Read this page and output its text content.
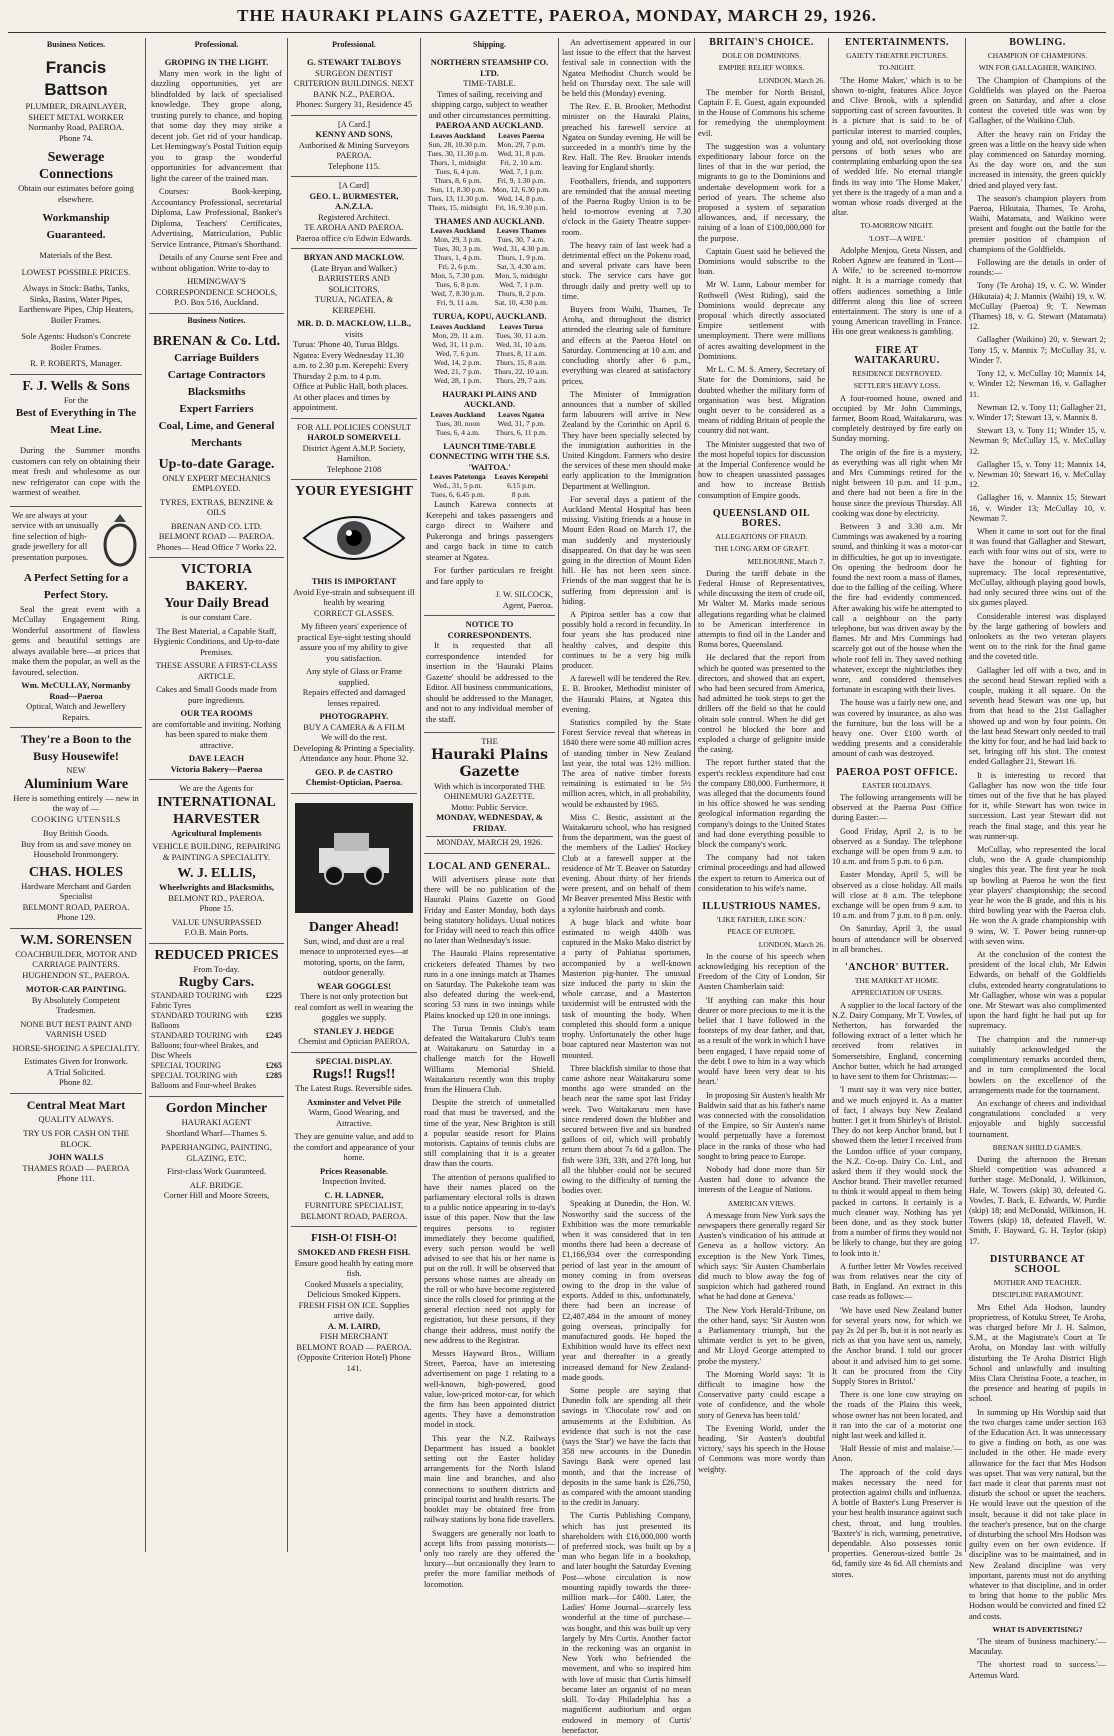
THE HAURAKI PLAINS GAZETTE, PAEROA, MONDAY, MARCH 29, 1926.
Business Notices.
Francis Battson
PLUMBER, DRAINLAYER, SHEET METAL WORKER
Normanby Road, PAEROA.
Phone 74.
Sewerage Connections
Obtain our estimates before going elsewhere.
Workmanship Guaranteed.
Materials of the Best.
LOWEST POSSIBLE PRICES.
Always in Stock: Baths, Tanks, Sinks, Basins, Water Pipes, Earthenware Pipes, Chip Heaters, Boiler Frames.
Sole Agents: Hudson's Concrete Boiler Frames.
R. P. ROBERTS, Manager.
F. J. Wells & Sons
For the
Best of Everything in The Meat Line.

During the Summer months customers can rely on obtaining their meat fresh and wholesome as our new refrigerator can cope with the warmest of weather.

We are always at your service with an unusually fine selection of high-grade jewellery for all presentation purposes.
A Perfect Setting for a Perfect Story.

Seal the great event with a McCullay Engagement Ring. Wonderful assortment of flawless gems and beautiful settings are always available here—at prices that make them the popular, as well as the favoured, selection.

Wm. McCULLAY, Normanby Road—Paeroa
Optical, Watch and Jewellery Repairs.
They're a Boon to the Busy Housewife!
NEW
Aluminium Ware
Here is something entirely — new in the way of —
COOKING UTENSILS
Buy British Goods.
Buy from us and save money on Household Ironmongery.
CHAS. HOLES
Hardware Merchant and Garden Specialist
BELMONT ROAD, PAEROA.
Phone 129.
W.M. SORENSEN
COACHBUILDER, MOTOR AND CARRIAGE PAINTERS.
HUGHENDON ST., PAEROA.
MOTOR-CAR PAINTING.
By Absolutely Competent Tradesmen.
NONE BUT BEST PAINT AND VARNISH USED
HORSE-SHOEING A SPECIALITY.
Estimates Given for Ironwork.
A Trial Solicited.
Phone 82.
Central Meat Mart
QUALITY ALWAYS.
TRY US FOR CASH ON THE BLOCK.
JOHN WALLS
THAMES ROAD — PAEROA
Phone 111.
Professional.
GROPING IN THE LIGHT.

Many men work in the light of dazzling opportunities, yet are blindfolded by lack of specialised knowledge. They grope along, trusting purely to chance, and hoping that some day they may strike a decent job. Get rid of your handicap. Let Hemingway's Postal Tuition equip you to grasp the wonderful opportunities for advancement that light the career of the trained man.

Courses: Book-keeping, Accountancy Professional, secretarial Diploma, Law Professional, Banker's Diploma, Teachers' Certificates, Advertising, Matriculation, Public Service Entrance, Pitman's Shorthand.

Details of any Course sent Free and without obligation. Write to-day to

HEMINGWAY'S CORRESPONDENCE SCHOOLS, P.O. Box 516, Auckland.
Business Notices.
BRENAN & Co. Ltd.
Carriage Builders
Cartage Contractors
Blacksmiths
Expert Farriers
Coal, Lime, and General Merchants
Up-to-date Garage.
ONLY EXPERT MECHANICS EMPLOYED.
TYRES, EXTRAS, BENZINE & OILS
BRENAN AND CO. LTD. BELMONT ROAD — PAEROA.
Phones— Head Office 7 Works 22.
VICTORIA BAKERY.
Your Daily Bread
is our constant Care.
The Best Material, a Capable Staff, Hygienic Conditions, and Up-to-date Premises.
THESE ASSURE A FIRST-CLASS ARTICLE.
Cakes and Small Goods made from pure ingredients.
OUR TEA ROOMS
are comfortable and inviting. Nothing has been spared to make them attractive.
DAVE LEACH
Victoria Bakery—Paeroa
We are the Agents for
INTERNATIONAL HARVESTER
Agricultural Implements
VEHICLE BUILDING, REPAIRING & PAINTING A SPECIALITY.
W. J. ELLIS,
Wheelwrights and Blacksmiths,
BELMONT RD., PAEROA.
Phone 15.
VALUE UNSURPASSED
F.O.B. Main Ports.
REDUCED PRICES
From To-day.
Rugby Cars.
STANDARD TOURING with Fabric Tyres
£225
STANDARD TOURING with Balloons
£235
STANDARD TOURING with Balloons; four-wheel Brakes, and Disc Wheels
£245
SPECIAL TOURING	£265
SPECIAL TOURING with Balloons and Four-wheel Brakes
£285
Gordon Mincher
HAURAKI AGENT
Shortland Wharf—Thames S.
PAPERHANGING, PAINTING, GLAZING, ETC.
First-class Work Guaranteed.
ALF. BRIDGE.
Corner Hill and Moore Streets,
Professional.
G. STEWART TALBOYS
SURGEON DENTIST
CRITERION BUILDINGS. NEXT BANK N.Z., PAEROA.
Phones: Surgery 31, Residence 45
[A Card.]
KENNY AND SONS,
Authorised & Mining Surveyors PAEROA.
Telephone 115.
[A Card]
GEO. L. BURMESTER, A.N.Z.I.A.
Registered Architect.
TE AROHA AND PAEROA.
Paeroa office c/o Edwin Edwards.
BRYAN AND MACKLOW.
(Late Bryan and Walker.)
BARRISTERS AND SOLICITORS.
TURUA, NGATEA, & KEREPEHI.
MR. D. D. MACKLOW, LL.B.,
visits
Turua: 'Phone 40, Turua Bldgs. Ngatea: Every Wednesday 11.30 a.m. to 2.30 p.m. Kerepehi: Every Thursday 2 p.m. to 4 p.m.
Office at Public Hall, both places. At other places and times by appointment.
FOR ALL POLICIES CONSULT
HAROLD SOMERVELL
District Agent A.M.P. Society, Hamilton.
Telephone 2108
YOUR EYESIGHT
THIS IS IMPORTANT
Avoid Eye-strain and subsequent ill health by wearing
CORRECT GLASSES.
My fifteen years' experience of practical Eye-sight testing should assure you of my ability to give you satisfaction.
Any style of Glass or Frame supplied.
Repairs effected and damaged lenses repaired.
PHOTOGRAPHY.
BUY A CAMERA & A FILM
We will do the rest.
Developing & Printing a Speciality.
Attendance any hour. Phone 32.
GEO. P. de CASTRO
Chemist-Optician, Paeroa.
Danger Ahead!
Sun, wind, and dust are a real menace to unprotected eyes—at motoring, sports, on the farm, outdoor generally.
WEAR GOGGLES!
There is not only protection but real comfort as well in wearing the goggles we supply.
STANLEY J. HEDGE
Chemist and Optician PAEROA.
SPECIAL DISPLAY.
Rugs!! Rugs!!
The Latest Rugs. Reversible sides.
Axminster and Velvet Pile
Warm, Good Wearing, and Attractive.
They are genuine value, and add to the comfort and appearance of your home.
Prices Reasonable.
Inspection Invited.
C. H. LADNER,
FURNITURE SPECIALIST, BELMONT ROAD, PAEROA.
FISH-O! FISH-O!
SMOKED AND FRESH FISH.
Ensure good health by eating more fish.
Cooked Mussels a speciality, Delicious Smoked Kippers. FRESH FISH ON ICE. Supplies arrive daily.
A. M. LAIRD,
FISH MERCHANT
BELMONT ROAD — PAEROA. (Opposite Criterion Hotel) Phone 141.
Shipping.
NORTHERN STEAMSHIP CO. LTD.
TIME-TABLE.
Times of sailing, receiving and shipping cargo, subject to weather and other circumstances permitting.
PAEROA AND AUCKLAND.
Leaves Auckland	Leaves Paeroa
Sun, 28, 10.30 p.m.	Mon, 29, 7 p.m.
Tues, 30, 11.30 p.m.	Wed, 31, 8 p.m.
Thurs, 1, midnight	Fri, 2, 10 a.m.
Tues, 6, 4 p.m.	Wed, 7, 1 p.m.
Thurs, 8, 6 p.m.	Fri, 9, 1.30 p.m.
Sun, 11, 8.30 p.m. Mon, 12, 6.30 p.m.
Tues, 13, 11.30 p.m.	Wed, 14, 8 p.m.
Thurs, 15, midnight	Fri, 16, 9.30 p.m.
THAMES AND AUCKLAND.
Leaves Auckland	Leaves Thames
Mon, 29, 3 p.m.	Tues, 30, 7 a.m.
Tues, 30, 3 p.m.	Wed, 31, 4.30 p.m.
Thurs, 1, 4 p.m.	Thurs, 1, 9 p.m.
Fri, 2, 6 p.m.	Sat, 3, 4.30 a.m.
Mon, 5, 7.30 p.m.	Mon, 5, midnight
Tues, 6, 8 p.m.	Wed, 7, 1 p.m.
Wed, 7, 8.30 p.m.	Thurs, 8, 2 p.m.
Fri, 9, 11 a.m.	Sat, 10, 4.30 p.m.
TURUA, KOPU, AUCKLAND.
Leaves Auckland	Leaves Turua
Mon, 29, 11 a.m.	Tues, 30, 11 a.m.
Wed, 31, 11 p.m.	Wed, 31, 10 a.m.
Wed, 7, 6 p.m.	Thurs, 8, 11 a.m.
Wed, 14, 2 p.m.	Thurs, 15, 8 a.m.
Wed, 21, 7 p.m.	Thurs, 22, 10 a.m.
Wed, 28, 1 p.m.	Thurs, 29, 7 a.m.
HAURAKI PLAINS AND AUCKLAND.
Leaves Auckland	Leaves Ngatea
Tues, 30, noon	Wed, 31, 7 p.m.
Tues, 6, 4 a.m.	Thurs, 6, 11 p.m.
LAUNCH TIME-TABLE CONNECTING WITH THE S.S. 'WAITOA.'
Leaves Patetonga	Leaves Kerepehi
Wed., 31, 5 p.m.	6.15 p.m.
Tues, 6, 6.45 p.m.	8 p.m.

Launch Karewa connects at Kerepehi and takes passengers and cargo direct to Waihere and Pukeronga and brings passengers and cargo back in time to catch steamer at Ngatea.

For further particulars re freight and fare apply to

J. W. SILCOCK,
Agent, Paeroa.
NOTICE TO CORRESPONDENTS.

It is requested that all correspondence intended for insertion in the 'Hauraki Plains Gazette' should be addressed to the Editor. All business communications, should be addressed to the Manager, and not to any individual member of the staff.

THE
Hauraki Plains Gazette
With which is incorporated THE OHINEMURI GAZETTE.
Motto: Public Service.
MONDAY, WEDNESDAY, & FRIDAY.
MONDAY, MARCH 29, 1926.
LOCAL AND GENERAL.

Will advertisers please note that there will be no publication of the Hauraki Plains Gazette on Good Friday and Easter Monday, both days being statutory holidays. Usual notices for Friday will need to reach this office no later than Wednesday's issue.

The Hauraki Plains representative cricketers defeated Thames by two runs in a one innings match at Thames on Saturday. The Pukekohe team was also defeated during the week-end, scoring 53 runs in two innings while Plains knocked up 120 in one innings.

The Turua Tennis Club's team defeated the Waitakaruru Club's team at Waitakaruru on Saturday in a challenge match for the Howell Williams Memorial Shield. Waitakaruru recently won this trophy from the Hinuera Club.

Despite the stretch of unmetalled road that must be traversed, and the time of the year, New Brighton is still a popular seaside resort for Plains motorists. Captains of tennis clubs are still complaining that it is a greater draw than the courts.

The attention of persons qualified to have their names placed on the parliamentary electoral rolls is drawn to a public notice appearing in to-day's issue of this paper. Now that the law requires persons to register immediately they become qualified, every such person would be well advised to see that his or her name is put on the roll. It will be observed that persons whose names are already on the roll or who have become registered since the rolls closed for printing at the general election need not apply for registration, but these persons, if they change their address, must notify the new address to the Registrar.

Messrs Hayward Bros., William Street, Paeroa, have an interesting advertisement on page 1 relating to a well-known, high-powered, good value, low-priced motor-car, for which the firm has been appointed district agents. They have a demonstration model in stock.

This year the N.Z. Railways Department has issued a booklet setting out the Easter holiday arrangements for the North Island main line and branches, and also connections to southern districts and principal tourist and health resorts. The booklet may be obtained free from railway stations by bona fide travellers.

Swaggers are generally not loath to accept lifts from passing motorists—only too rarely are they offered the luxury—but occasionally they learn to prefer the more familiar methods of locomotion.

An advertisement appeared in our last issue to the effect that the harvest festival sale in connection with the Ngatea Methodist Church would be held on Thursday next. The sale will be held this (Monday) evening.

The Rev. E. B. Brooker, Methodist minister on the Hauraki Plains, preached his farewell service at Ngatea on Sunday evening. He will be succeeded in a month's time by the Rev. Hall. The Rev. Brooker intends leaving for England shortly.

Footballers, friends, and supporters are reminded that the annual meeting of the Paeroa Rugby Union is to be held to-morrow evening at 7.30 o'clock in the Gaiety Theatre supper-room.

The heavy rain of last week had a detrimental effect on the Pokeno road, and several private cars have been stuck. The service cars have got through daily and pretty well up to time.

Buyers from Waihi, Thames, Te Aroha, and throughout the district attended the clearing sale of furniture and effects at the Paeroa Hotel on Saturday. Commencing at 10 a.m. and concluding shortly after 6 p.m., everything was cleared at satisfactory prices.

The Minister of Immigration announces that a number of skilled farm labourers will arrive in New Zealand by the Corinthic on April 6. They have been specially selected by the immigration authorities in the United Kingdom. Farmers who desire the services of these men should make early application to the Immigration Department at Wellington.

For several days a patient of the Auckland Mental Hospital has been missing. Visiting friends at a house in Mount Eden Road on March 17, the man suddenly and mysteriously disappeared. On that day he was seen going in the direction of Mount Eden hill. He has not been seen since. Friends of the man suggest that he is suffering from depression and is hiding.

A Pipiroa settler has a cow that possibly hold a record in fecundity. In four years she has produced nine healthy calves, and despite this continues to be a very big milk producer.

A farewell will be tendered the Rev. E. B. Brooker, Methodist minister of the Hauraki Plains, at Ngatea this evening.

Statistics compiled by the State Forest Service reveal that whereas in 1840 there were some 40 million acres of standing timber in New Zealand last year, the total was 12½ million. The area of native timber forests remaining is estimated to be 5½ million acres, which, in all probability, would be exhausted by 1965.

Miss C. Bestic, assistant at the Waitakaruru school, who has resigned from the department, was the guest of the members of the Ladies' Hockey Club at a farewell supper at the residence of Mr T. Beaver on Saturday evening. About thirty of her friends were present, and on behalf of them Mr Beaver presented Miss Bestic with a xylonite hairbrush and comb.

A huge black and white boar estimated to weigh 440lb was captured in the Mako Mako district by a party of Pahiatua sportsmen, accompanied by a well-known Masterton pig-hunter. The unusual size induced the party to skin the whole carcase, and a Masterton taxidermist will be entrusted with the task of mounting the body. When completed this should form a unique trophy. Unfortunately the other huge boar captured near Masterton was not mounted.

Three blackfish similar to those that came ashore near Waitakaruru some months ago were stranded on the beach near the same spot last Friday week. Two Waitakaruru men have since rendered down the blubber and secured between five and six hundred gallons of oil, which will probably return them about 7s 6d a gallon. The fish were 33ft, 33ft, and 27ft long, but all the blubber could not be secured owing to the difficulty of turning the bodies over.

Speaking at Dunedin, the Hon. W. Nosworthy said the success of the Exhibition was the more remarkable when it was considered that in ten months there had been a decrease of £1,166,934 over the corresponding period of last year in the amount of money coming in from overseas owing to the drop in the value of exports. Added to this, unfortunately, there had been an increase of £2,487,484 in the amount of money going overseas, principally for manufactured goods. He hoped the Exhibition would have its effect next year and thereafter in a greatly increased demand for New Zealand-made goods.

Some people are saying that Dunedin folk are spending all their savings in 'Chocolate row' and on amusements at the Exhibition. As evidence that such is not the case (says the 'Star') we have the facts that 358 new accounts in the Dunedin Savings Bank were opened last month, and that the increase of deposits in the same bank is £26,750, as compared with the amount standing to the credit in January.

The Curtis Publishing Company, which has just presented its shareholders with £16,000,000 worth of preferred stock, was built up by a man who began life in a bookshop, and later bought the Saturday Evening Post—whose circulation is now mounting rapidly towards the three-million mark—for £400. Later, the Ladies' Home Journal—scarcely less wonderful at the time of purchase—was bought, and this was built up very largely by Mrs Curtis. Another factor in the reckoning was an organist in New York who befriended the movement, and who so inspired him with love of music that Curtis himself became later an organist of no mean skill. To-day Philadelphia has a magnificent auditorium and organ endowed in memory of Curtis' benefactor.

BRITAIN'S CHOICE.
DOLE OR DOMINIONS.
EMPIRE RELIEF WORKS.
LONDON, March 26.

The member for North Bristol, Captain F. E. Guest, again expounded in the House of Commons his scheme for remedying the unemployment evil.

The suggestion was a voluntary expeditionary labour force on the lines of that in the war period, the migrants to go to the Dominions and undertake development work for a period of years. The scheme also proposed a system of separation allowances, and, if necessary, the raising of a loan of £100,000,000 for the purpose.

Captain Guest said he believed the Dominions would subscribe to the loan.

Mr W. Lunn, Labour member for Rothwell (West Riding), said the Dominions would deprecate any proposal which directly associated Empire settlement with unemployment. There were millions of acres awaiting development in the Dominions.

Mr L. C. M. S. Amery, Secretary of State for the Dominions, said he doubted whether the military form of organisation was best. Migration ought never to be considered as a means of ridding Britain of people the country did not want.

The Minister suggested that two of the most hopeful topics for discussion at the Imperial Conference would be how to cheapen unassisted passages and how to increase British consumption of Empire goods.

QUEENSLAND OIL BORES.
ALLEGATIONS OF FRAUD.
THE LONG ARM OF GRAFT.
MELBOURNE, March 7.

During the tariff debate in the Federal House of Representatives, while discussing the item of crude oil, Mr Walter M. Marks made serious allegations regarding what he claimed to be American interference in attempts to find oil in the Lander and Roma bores, Queensland.

He declared that the report from which he quoted was presented to the directors, and showed that an expert, who had been secured from America, had admitted he took steps to get the drillers off the field so that he could obtain sole control. When he did get control he blocked the bore and exploded a charge of gelignite inside the casing.

The report further stated that the expert's reckless expenditure had cost the company £80,000. Furthermore, it was alleged that the documents found in his office showed he was sending geological information regarding the company's doings to the United States and had done everything possible to block the company's work.

The company had not taken criminal proceedings and had allowed the expert to return to America out of consideration to his wife's name.

ILLUSTRIOUS NAMES.
'LIKE FATHER, LIKE SON.'
PEACE OF EUROPE.
LONDON, March 26.

In the course of his speech when acknowledging his reception of the Freedom of the City of London, Sir Austen Chamberlain said:

'If anything can make this hour dearer or more precious to me it is the belief that I have followed in the footsteps of my dear father, and that, as a result of the work in which I have been engaged, I have repaid some of the debt I owe to him in a way which would have been very dear to his heart.'

In proposing Sir Austen's health Mr Baldwin said that as his father's name was connected with the consolidation of the Empire, so Sir Austen's name would perpetually have a foremost place in the ranks of those who had sought to bring peace to Europe.

Nobody had done more than Sir Austen had done to advance the interests of the League of Nations.

AMERICAN VIEWS.

A message from New York says the newspapers there generally regard Sir Austen's vindication of his attitude at Geneva as a hollow victory. An exception is the New York Times, which says: 'Sir Austen Chamberlain did much to blow away the fog of suspicion which had gathered round what he had done at Geneva.'

The New York Herald-Tribune, on the other hand, says: 'Sir Austen won a Parliamentary triumph, but the ultimate verdict is yet to be given, and Mr Lloyd George attempted to probe the mystery.'

The Morning World says: 'It is difficult to imagine how the Conservative party could escape a vote of confidence, and the whole story of Geneva has been told.'

The Evening World, under the heading, 'Sir Austen's doubtful victory,' says his speech in the House of Commons was more wordy than weighty.

ENTERTAINMENTS.
GAIETY THEATRE PICTURES.
TO-NIGHT.

'The Home Maker,' which is to be shown to-night, features Alice Joyce and Clive Brook, with a splendid supporting cast of screen favourites. It is a picture that is said to be of particular interest to married couples, young and old, not overlooking those persons of both sexes who are contemplating embarking upon the sea of wedded life. No eternal triangle finds its way into 'The Home Maker,' yet there is the tragedy of a man and a woman whose roads diverged at the altar.

TO-MORROW NIGHT.
'LOST—A WIFE.'

Adolphe Menjou, Greta Nissen, and Robert Agnew are featured in 'Lost—A Wife,' to be screened to-morrow night. It is a marriage comedy that offers audiences something a little different along this line of screen entertainment. The story is one of a young American travelling in France. His one great weakness is gambling.

FIRE AT WAITAKARURU.
RESIDENCE DESTROYED.
SETTLER'S HEAVY LOSS.

A four-roomed house, owned and occupied by Mr John Cummings, farmer, Boom Road, Waitakaruru, was completely destroyed by fire early on Sunday morning.

The origin of the fire is a mystery, as everything was all right when Mr and Mrs Cummings retired for the night between 10 p.m. and 11 p.m., and there had not been a fire in the house since the previous Thursday. All cooking was done by electricity.

Between 3 and 3.30 a.m. Mr Cummings was awakened by a roaring sound, and thinking it was a motor-car in difficulties, he got up to investigate. On opening the bedroom door he found the next room a mass of flames, due to the falling of the ceiling. Where the fire had evidently commenced. After awaking his wife he attempted to call a neighbour on the party telephone, but was driven away by the flames. Mr and Mrs Cummings had scarcely got out of the house when the whole roof fell in. They saved nothing whatever, except the nightclothes they wore, and considered themselves fortunate in escaping with their lives.

The house was a fairly new one, and was covered by insurance, as also was the furniture, but the loss will be a heavy one. Over £100 worth of wedding presents and a considerable amount of cash was destroyed.

PAEROA POST OFFICE.
EASTER HOLIDAYS.

The following arrangements will be observed at the Paeroa Post Office during Easter:—

Good Friday, April 2, is to be observed as a Sunday. The telephone exchange will be open from 9 a.m. to 10 a.m. and from 5 p.m. to 6 p.m.

Easter Monday, April 5, will be observed as a close holiday. All mails will close at 8 a.m. The telephone exchange will be open from 9 a.m. to 10 a.m. and from 7 p.m. to 8 p.m. only.

On Saturday, April 3, the usual hours of attendance will be observed in all branches.

'ANCHOR' BUTTER.
THE MARKET AT HOME.
APPRECIATION OF USERS.

A supplier to the local factory of the N.Z. Dairy Company, Mr T. Vowles, of Netherton, has forwarded the following extract of a letter which he received from relatives in Somersetshire, England, concerning Anchor butter, which he had arranged to have sent to them for Christmas:—

'I must say it was very nice butter, and we much enjoyed it. As a matter of fact, I always buy New Zealand butter. I get it from Shirley's of Bristol. They do not keep Anchor brand, but I showed them the letter I received from the London office of your company, the N.Z. Co-op. Dairy Co. Ltd., and asked them if they would stock the Anchor brand. Their traveller returned to think it would appeal to them being packed in cartons. It certainly is a much cleaner way. Nothing has yet been done, and as they stock butter from a number of firms they would not be likely to change, but they are going to look into it.'

A further letter Mr Vowles received was from relatives near the city of Bath, in England. An extract in this case reads as follows:—

'We have used New Zealand butter for several years now, for which we pay 2s 2d per lb, but it is not nearly as rich as that you have sent us, namely, the Anchor brand. I told our grocer about it and advised him to get some. It can be procured from the City Supply Stores in Bristol.'

There is one lone cow straying on the roads of the Plains this week, whose owner has not been located, and it ran into the car of a motorist one night last week and killed it.

'Half Bessie of mist and malaise.'—Anon.

The approach of the cold days makes necessary the need for protection against chills and influenza. A bottle of Baxter's Lung Preserver is your best health insurance against such chest, throat, and lung troubles. 'Baxter's' is rich, warming, penetrative, dependable. Also possesses tonic properties. Generous-sized bottle 2s 6d, family size 4s 6d. All chemists and stores.

BOWLING.
CHAMPION OF CHAMPIONS.
WIN FOR GALLAGHER, WAIKINO.

The Champion of Champions of the Goldfields was played on the Paeroa green on Saturday, and after a close contest the coveted title was won by Gallagher, of the Waikino Club.

After the heavy rain on Friday the green was a little on the heavy side when play commenced on Saturday morning. As the day wore on, and the sun increased in intensity, the green quickly dried and played very fast.

The season's champion players from Paeroa, Hikutaia, Thames, Te Aroha, Waihi, Matamata, and Waikino were present and fought out the battle for the premier position of champion of champions of the Goldfields.

Following are the details in order of rounds:—

Tony (Te Aroha) 19, v. C. W. Winder (Hikutaia) 4; J. Mannix (Waihi) 19, v. W. McCullay (Paeroa) 9; T. Newman (Thames) 18, v. G. Stewart (Matamata) 12.

Gallagher (Waikino) 20, v. Stewart 2; Tony 15, v. Mannix 7; McCullay 31, v. Winder 7.

Tony 12, v. McCullay 10; Mannix 14, v. Winder 12; Newman 16, v. Gallagher 11.

Newman 12, v. Tony 11; Gallagher 21, v. Winder 17; Stewart 13, v. Mannix 8.

Stewart 13, v. Tony 11; Winder 15, v. Newman 9; McCullay 15, v. McCullay 12.

Gallagher 15, v. Tony 11; Mannix 14, v. Newman 10; Stewart 16, v. McCullay 12.

Gallagher 16, v. Mannix 15; Stewart 16, v. Winder 13; McCullay 10, v. Newman 7.

When it came to sort out for the final it was found that Gallagher and Stewart, each with four wins out of six, were to have the honour of fighting for supremacy. The local representative, McCullay, although playing good bowls, had only secured three wins out of the six games played.

Considerable interest was displayed by the large gathering of bowlers and onlookers as the two veteran players went on to the rink for the final game and the coveted title.

Gallagher led off with a two, and in the second head Stewart replied with a couple, making it all square. On the seventh head Stewart was one up, but from that head to the 21st Gallagher showed up and won by four points. On the last head Stewart only needed to trail the kitty for four, and he had laid back to set, bringing off his shot. The contest ended Gallagher 21, Stewart 16.

It is interesting to record that Gallagher has now won the title four times out of the five that he has played for it, while Stewart has won twice in succession. Last year Stewart did not reach the final stage, and this year he was runner-up.

McCullay, who represented the local club, won the A grade championship singles this year. The first year he took up bowling at Paeroa he won the first year players' championship; the second year he won the B grade, and this is his third bowling year with the Paeroa club. He won the A grade championship with 9 wins, W. T. Power being runner-up with seven wins.

At the conclusion of the contest the president of the local club, Mr Edwin Edwards, on behalf of the Goldfields clubs, extended hearty congratulations to Mr Gallagher, whose win was a popular one. Mr Stewart was also complimented upon the hard fight he had put up for supremacy.

The champion and the runner-up suitably acknowledged the complimentary remarks accorded them, and in turn complimented the local bowlers on the excellence of the arrangements made for the tournament.

An exchange of cheers and individual congratulations concluded a very enjoyable and highly successful tournament.

BRENAN SHIELD GAMES.

During the afternoon the Brenan Shield competition was advanced a further stage. McDonald, J. Wilkinson, Hale, W. Towers (skip) 30, defeated G. Vowles, T. Back, E. Edwards, W. Purdie (skip) 18; and McDonald, Wilkinson, H. Towers (skip) 18, defeated Flavell, W. Smith, F. Hayward, G. H. Taylor (skip) 17.

DISTURBANCE AT SCHOOL
MOTHER AND TEACHER.
DISCIPLINE PARAMOUNT.

Mrs Ethel Ada Hodson, laundry proprietress, of Kotuku Street, Te Aroha, was charged before Mr J. H. Salmon, S.M., at the Magistrate's Court at Te Aroha, on Monday last with wilfully disturbing the Te Aroha District High School and unlawfully and insulting Miss Clara Christina Foote, a teacher, in the presence and hearing of pupils in school.

In summing up His Worship said that the two charges came under section 163 of the Education Act. It was unnecessary to give a finding on both, as one was included in the other. He made every allowance for the fact that Mrs Hodson was upset. That was very natural, but the fact made it clear that parents must not disturb the school or upset the teachers. He would leave out the question of the insult, because it did not take place in the teacher's presence, but on the charge of disturbing the school Mrs Hodson was guilty even on her own evidence. If discipline was to be maintained, and in New Zealand discipline was very important, parents must not do anything whatever to that discipline, and in order to bring that home to the public Mrs Hodson would be convicted and fined £2 and costs.

WHAT IS ADVERTISING?

'The steam of business machinery.'—Macaulay.

'The shortest road to success.'—Artemus Ward.
